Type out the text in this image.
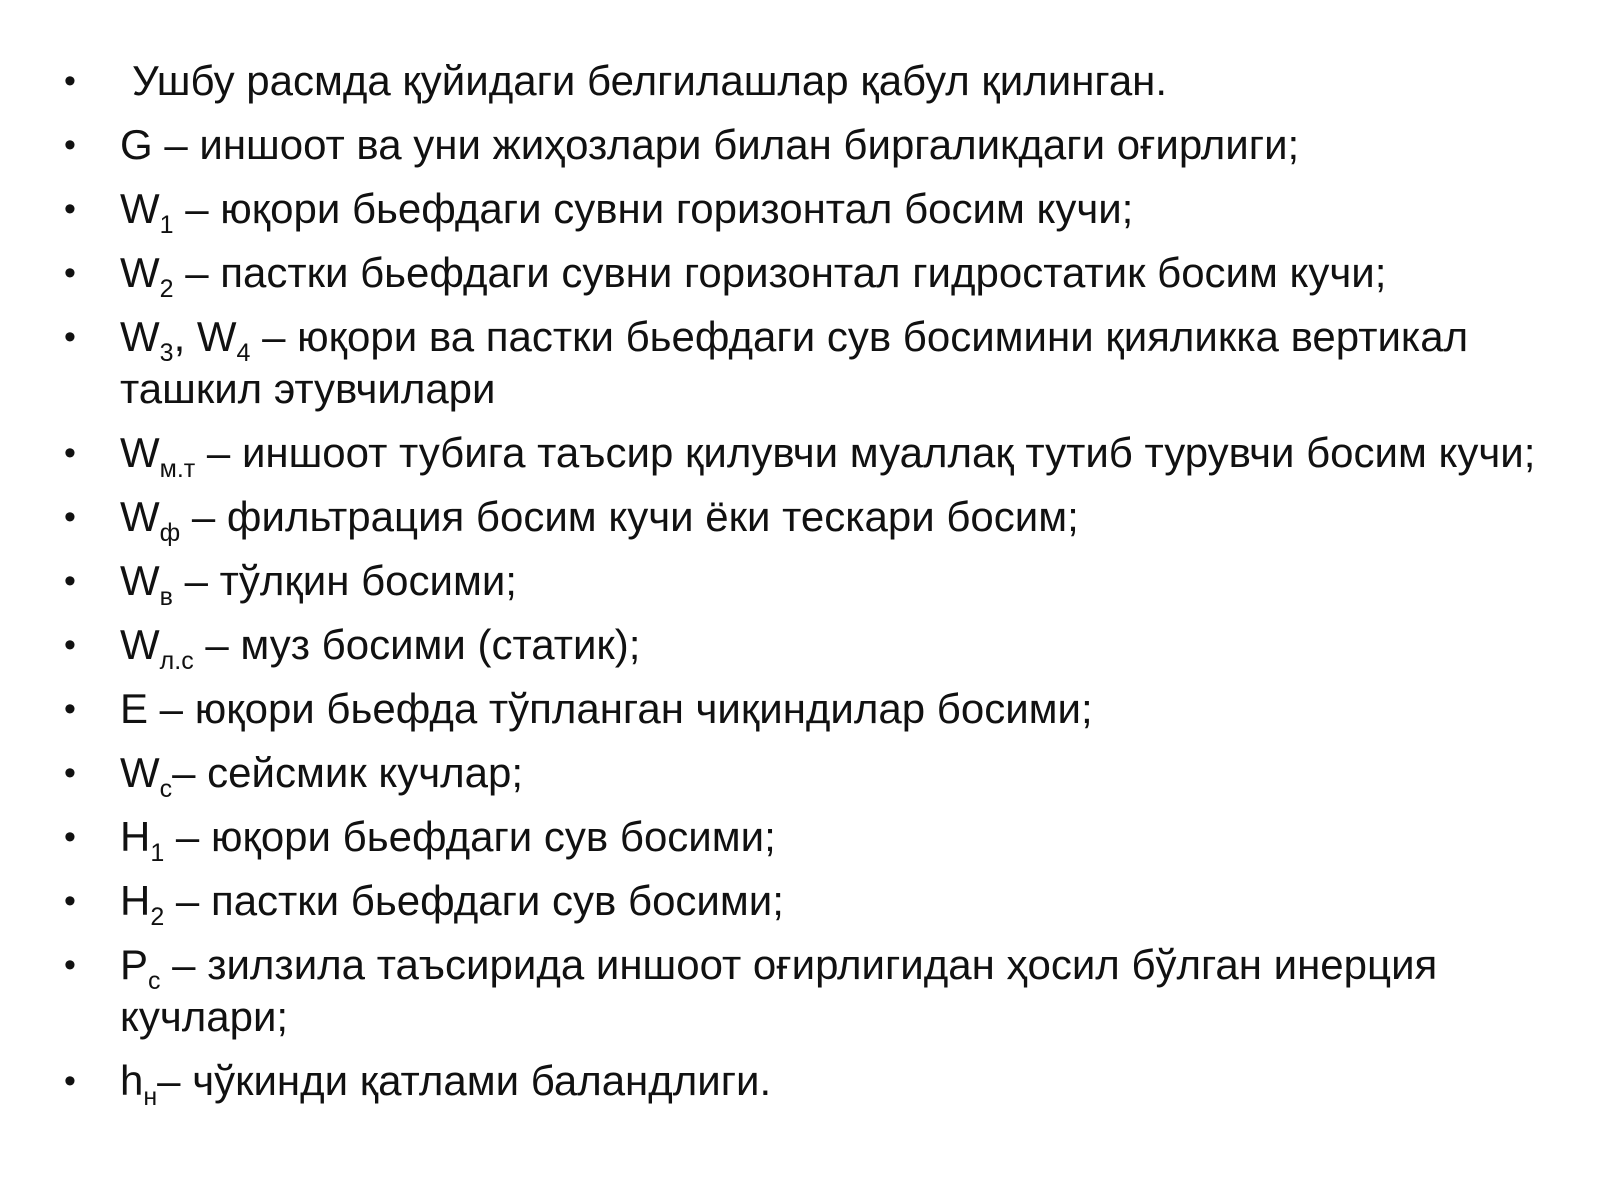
• Ушбу расмда қуйидаги белгилашлар қабул қилинган.
• G – иншоот ва уни жиҳозлари билан биргаликдаги оғирлиги;
• $W_1$ – юқори бьефдаги сувни горизонтал босим кучи;
• $W_2$ – пастки бьефдаги сувни горизонтал гидростатик босим кучи;
• $W_3$, $W_4$ – юқори ва пастки бьефдаги сув босимини қияликка вертикал ташкил этувчилари
• $W_{м.т}$ – иншоот тубига таъсир қилувчи муаллақ тутиб турувчи босим кучи;
• $W_ф$ – фильтрация босим кучи ёки тескари босим;
• $W_в$ – тўлқин босими;
• $W_{л.с}$ – муз босими (статик);
• Е – юқори бьефда тўпланган чиқиндилар босими;
• $W_с-$ сейсмик кучлар;
• $Н_1$ – юқори бьефдаги сув босими;
• $Н_2$ – пастки бьефдаги сув босими;
• $Р_с$ – зилзила таъсирида иншоот оғирлигидан ҳосил бўлган инерция кучлари;
• $h_н-$ чўкинди қатлами баландлиги.
